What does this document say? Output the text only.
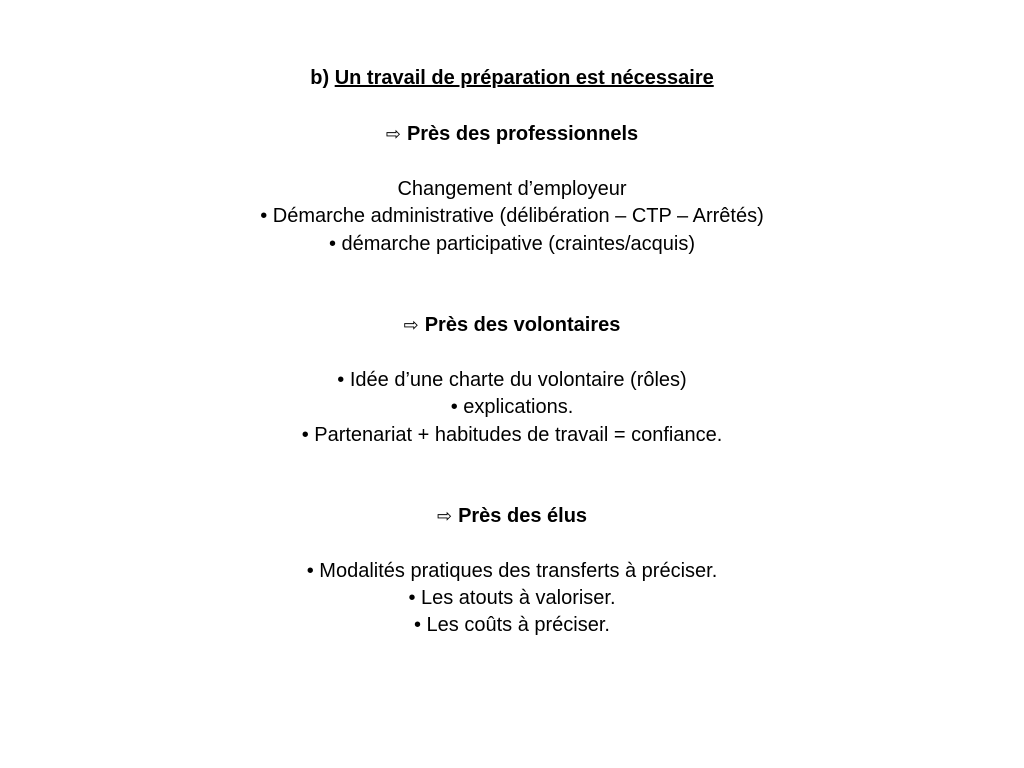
b) Un travail de préparation est nécessaire
⇨ Près des professionnels
Changement d’employeur
• Démarche administrative (délibération – CTP – Arrêtés)
• démarche participative (craintes/acquis)
⇨ Près des volontaires
• Idée d’une charte du volontaire (rôles)
• explications.
• Partenariat + habitudes de travail = confiance.
⇨ Près des élus
• Modalités pratiques des transferts à préciser.
• Les atouts à valoriser.
• Les coûts à préciser.
